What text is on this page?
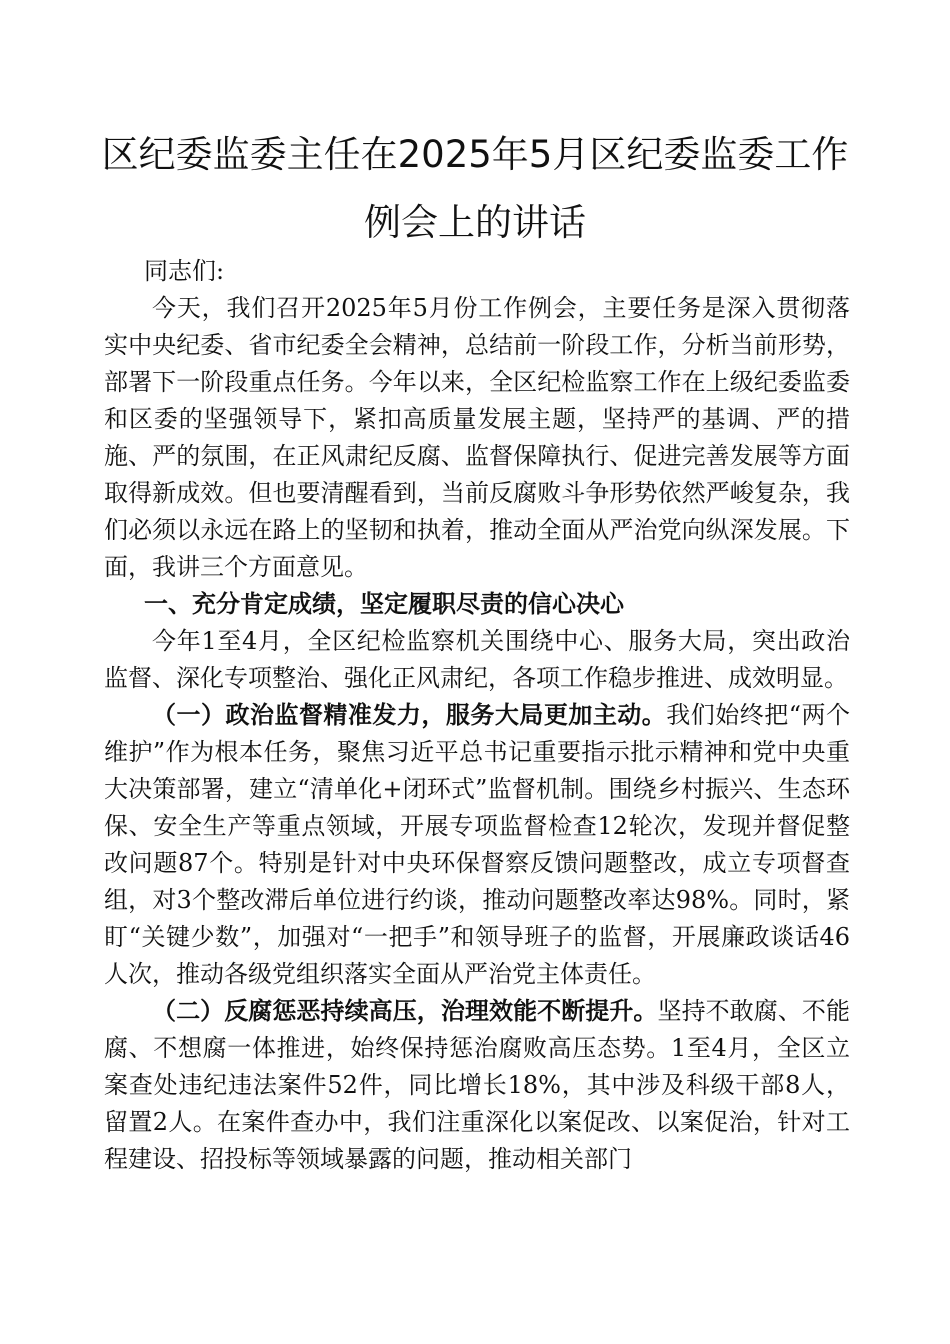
区纪委监委主任在2025年5月区纪委监委工作
例会上的讲话

同志们:

今天，我们召开2025年5月份工作例会，主要任务是深入贯彻落实中央纪委、省市纪委全会精神，总结前一阶段工作，分析当前形势，部署下一阶段重点任务。今年以来，全区纪检监察工作在上级纪委监委和区委的坚强领导下，紧扣高质量发展主题，坚持严的基调、严的措施、严的氛围，在正风肃纪反腐、监督保障执行、促进完善发展等方面取得新成效。但也要清醒看到，当前反腐败斗争形势依然严峻复杂，我们必须以永远在路上的坚韧和执着，推动全面从严治党向纵深发展。下面，我讲三个方面意见。

一、充分肯定成绩，坚定履职尽责的信心决心

今年1至4月，全区纪检监察机关围绕中心、服务大局，突出政治监督、深化专项整治、强化正风肃纪，各项工作稳步推进、成效明显。

（一）政治监督精准发力，服务大局更加主动。我们始终把“两个维护”作为根本任务，聚焦习近平总书记重要指示批示精神和党中央重大决策部署，建立“清单化+闭环式”监督机制。围绕乡村振兴、生态环保、安全生产等重点领域，开展专项监督检查12轮次，发现并督促整改问题87个。特别是针对中央环保督察反馈问题整改，成立专项督查组，对3个整改滞后单位进行约谈，推动问题整改率达98%。同时，紧盯“关键少数”，加强对“一把手”和领导班子的监督，开展廉政谈话46人次，推动各级党组织落实全面从严治党主体责任。

（二）反腐惩恶持续高压，治理效能不断提升。坚持不敢腐、不能腐、不想腐一体推进，始终保持惩治腐败高压态势。1至4月，全区立案查处违纪违法案件52件，同比增长18%，其中涉及科级干部8人，留置2人。在案件查办中，我们注重深化以案促改、以案促治，针对工程建设、招投标等领域暴露的问题，推动相关部门
